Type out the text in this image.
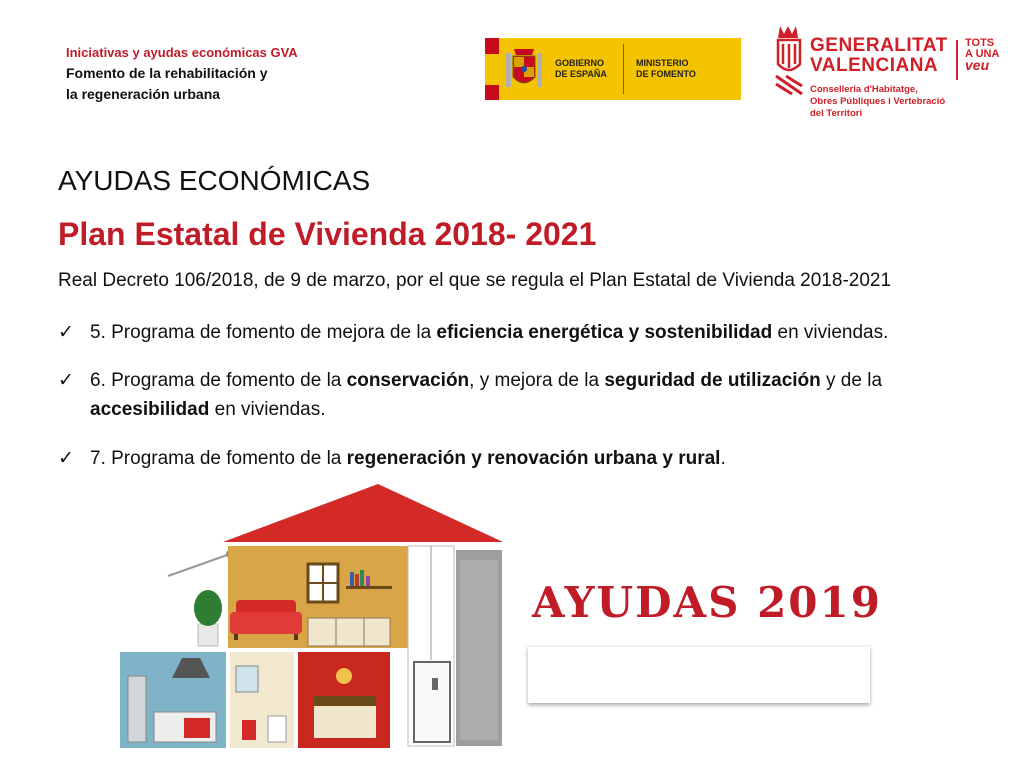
Iniciativas y ayudas económicas GVA
Fomento de la rehabilitación y
la regeneración urbana
GOBIERNO
DE ESPAÑA
MINISTERIO
DE FOMENTO
GENERALITAT
VALENCIANA
TOTS
A UNA
veu
Conselleria d'Habitatge,
Obres Públiques i Vertebració
del Territori
AYUDAS ECONÓMICAS
Plan Estatal de Vivienda 2018- 2021
Real Decreto 106/2018, de 9 de marzo, por el que se regula el Plan Estatal de Vivienda 2018-2021
✓ 5. Programa de fomento de mejora de la eficiencia energética y sostenibilidad en viviendas.
✓ 6. Programa de fomento de la conservación, y mejora de la seguridad de utilización y de la
accesibilidad en viviendas.
✓ 7. Programa de fomento de la regeneración y renovación urbana y rural.
AYUDAS 2019
